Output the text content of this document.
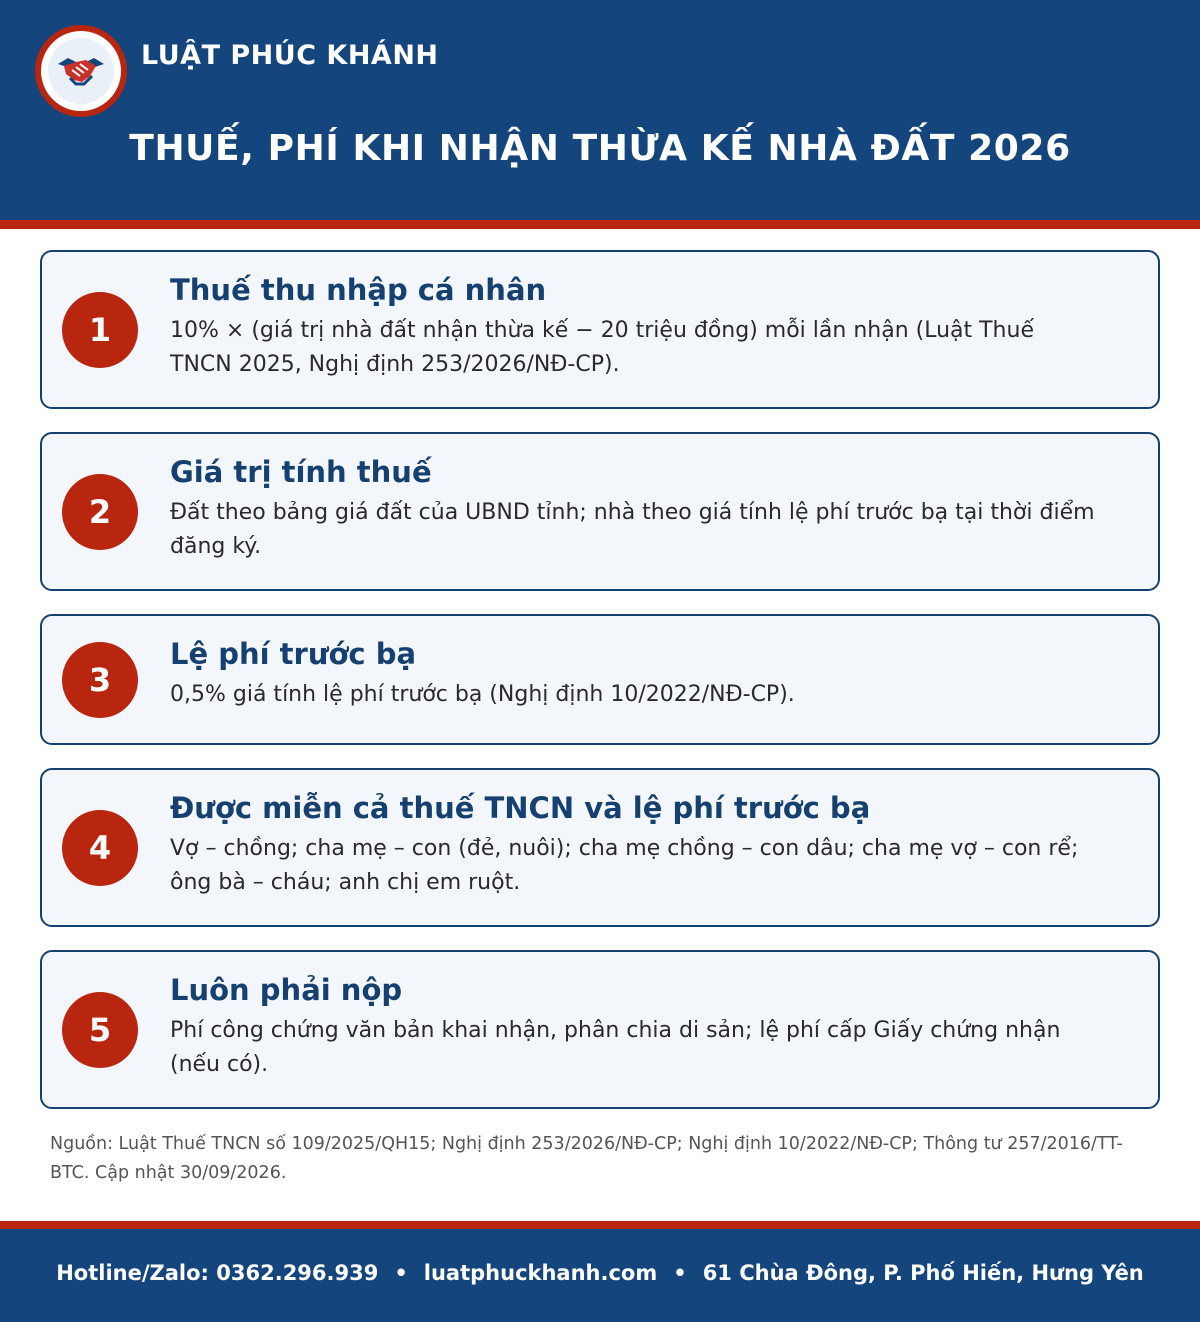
LUẬT PHÚC KHÁNH
THUẾ, PHÍ KHI NHẬN THỪA KẾ NHÀ ĐẤT 2026
1
Thuế thu nhập cá nhân
10% × (giá trị nhà đất nhận thừa kế − 20 triệu đồng) mỗi lần nhận (Luật Thuế TNCN 2025, Nghị định 253/2026/NĐ-CP).
2
Giá trị tính thuế
Đất theo bảng giá đất của UBND tỉnh; nhà theo giá tính lệ phí trước bạ tại thời điểm đăng ký.
3
Lệ phí trước bạ
0,5% giá tính lệ phí trước bạ (Nghị định 10/2022/NĐ-CP).
4
Được miễn cả thuế TNCN và lệ phí trước bạ
Vợ – chồng; cha mẹ – con (đẻ, nuôi); cha mẹ chồng – con dâu; cha mẹ vợ – con rể; ông bà – cháu; anh chị em ruột.
5
Luôn phải nộp
Phí công chứng văn bản khai nhận, phân chia di sản; lệ phí cấp Giấy chứng nhận (nếu có).
Nguồn: Luật Thuế TNCN số 109/2025/QH15; Nghị định 253/2026/NĐ-CP; Nghị định 10/2022/NĐ-CP; Thông tư 257/2016/TT-BTC. Cập nhật 30/09/2026.
Hotline/Zalo: 0362.296.939 • luatphuckhanh.com • 61 Chùa Đông, P. Phố Hiến, Hưng Yên
